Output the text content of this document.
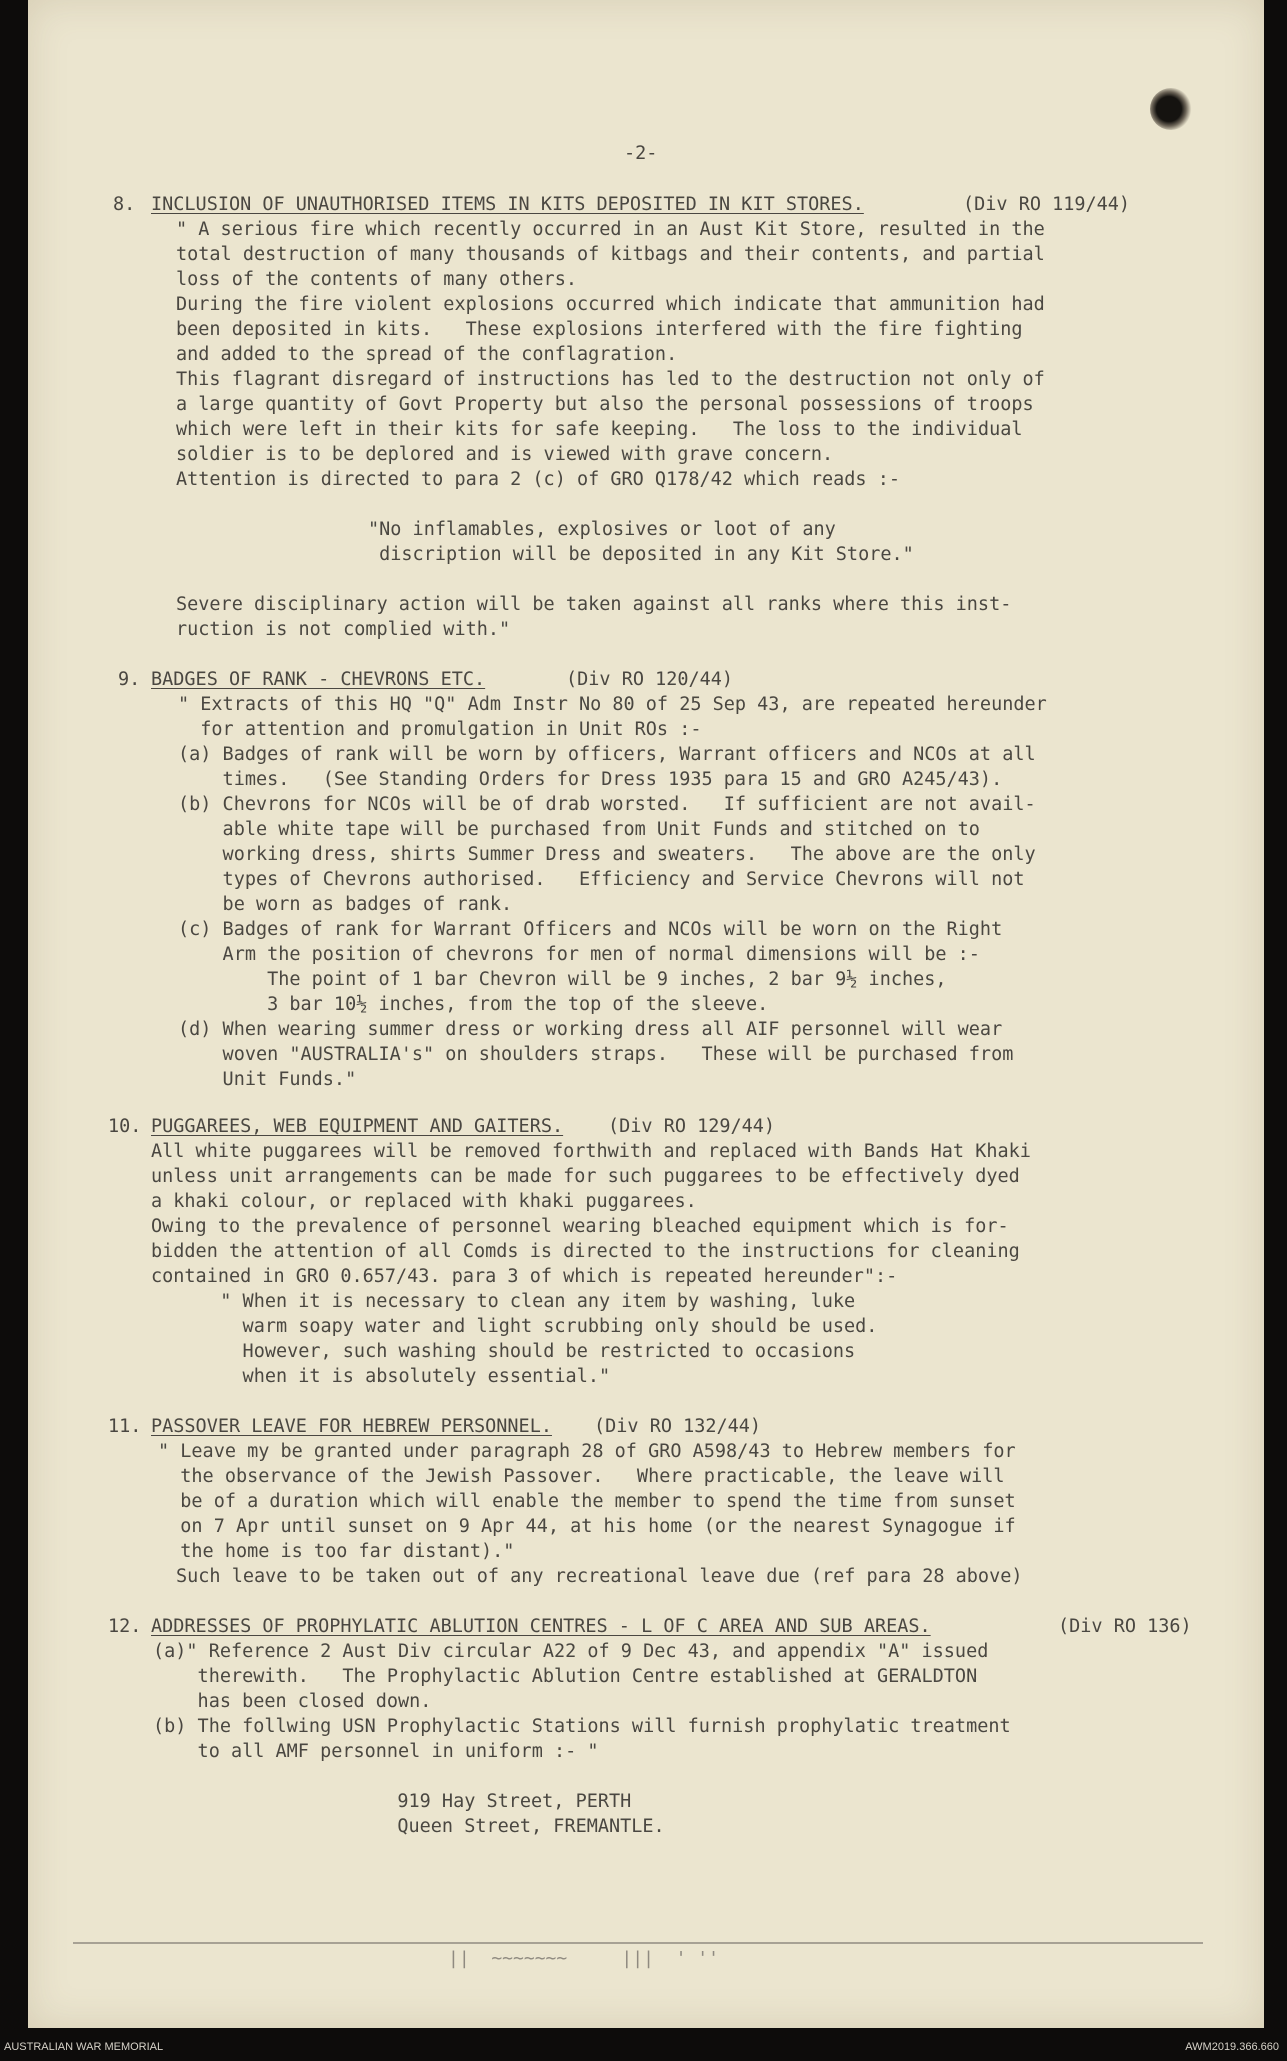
-2-
8. INCLUSION OF UNAUTHORISED ITEMS IN KITS DEPOSITED IN KIT STORES.	(Div RO 119/44)
" A serious fire which recently occurred in an Aust Kit Store, resulted in the
total destruction of many thousands of kitbags and their contents, and partial
loss of the contents of many others.
During the fire violent explosions occurred which indicate that ammunition had
been deposited in kits.   These explosions interfered with the fire fighting
and added to the spread of the conflagration.
This flagrant disregard of instructions has led to the destruction not only of
a large quantity of Govt Property but also the personal possessions of troops
which were left in their kits for safe keeping.   The loss to the individual
soldier is to be deplored and is viewed with grave concern.
Attention is directed to para 2 (c) of GRO Q178/42 which reads :-
"No inflamables, explosives or loot of any
discription will be deposited in any Kit Store."
Severe disciplinary action will be taken against all ranks where this inst-
ruction is not complied with."
9. BADGES OF RANK - CHEVRONS ETC.	(Div RO 120/44)
" Extracts of this HQ "Q" Adm Instr No 80 of 25 Sep 43, are repeated hereunder
for attention and promulgation in Unit ROs :-
(a) Badges of rank will be worn by officers, Warrant officers and NCOs at all
times.   (See Standing Orders for Dress 1935 para 15 and GRO A245/43).
(b) Chevrons for NCOs will be of drab worsted.   If sufficient are not avail-
able white tape will be purchased from Unit Funds and stitched on to
working dress, shirts Summer Dress and sweaters.   The above are the only
types of Chevrons authorised.   Efficiency and Service Chevrons will not
be worn as badges of rank.
(c) Badges of rank for Warrant Officers and NCOs will be worn on the Right
Arm the position of chevrons for men of normal dimensions will be :-
The point of 1 bar Chevron will be 9 inches, 2 bar 9½ inches,
3 bar 10½ inches, from the top of the sleeve.
(d) When wearing summer dress or working dress all AIF personnel will wear
woven "AUSTRALIA's" on shoulders straps.   These will be purchased from
Unit Funds."
10. PUGGAREES, WEB EQUIPMENT AND GAITERS. (Div RO 129/44)
All white puggarees will be removed forthwith and replaced with Bands Hat Khaki
unless unit arrangements can be made for such puggarees to be effectively dyed
a khaki colour, or replaced with khaki puggarees.
Owing to the prevalence of personnel wearing bleached equipment which is for-
bidden the attention of all Comds is directed to the instructions for cleaning
contained in GRO 0.657/43. para 3 of which is repeated hereunder":-
" When it is necessary to clean any item by washing, luke
warm soapy water and light scrubbing only should be used.
However, such washing should be restricted to occasions
when it is absolutely essential."
11. PASSOVER LEAVE FOR HEBREW PERSONNEL. (Div RO 132/44)
" Leave my be granted under paragraph 28 of GRO A598/43 to Hebrew members for
the observance of the Jewish Passover.   Where practicable, the leave will
be of a duration which will enable the member to spend the time from sunset
on 7 Apr until sunset on 9 Apr 44, at his home (or the nearest Synagogue if
the home is too far distant)."
Such leave to be taken out of any recreational leave due (ref para 28 above)
12. ADDRESSES OF PROPHYLATIC ABLUTION CENTRES - L OF C AREA AND SUB AREAS.	(Div RO 136)
(a)" Reference 2 Aust Div circular A22 of 9 Dec 43, and appendix "A" issued
therewith.   The Prophylactic Ablution Centre established at GERALDTON
has been closed down.
(b) The follwing USN Prophylactic Stations will furnish prophylatic treatment
to all AMF personnel in uniform :- "
919 Hay Street, PERTH
Queen Street, FREMANTLE.
||  ~~~~~~~     |||  ' ''
AUSTRALIAN WAR MEMORIAL	AWM2019.366.660
